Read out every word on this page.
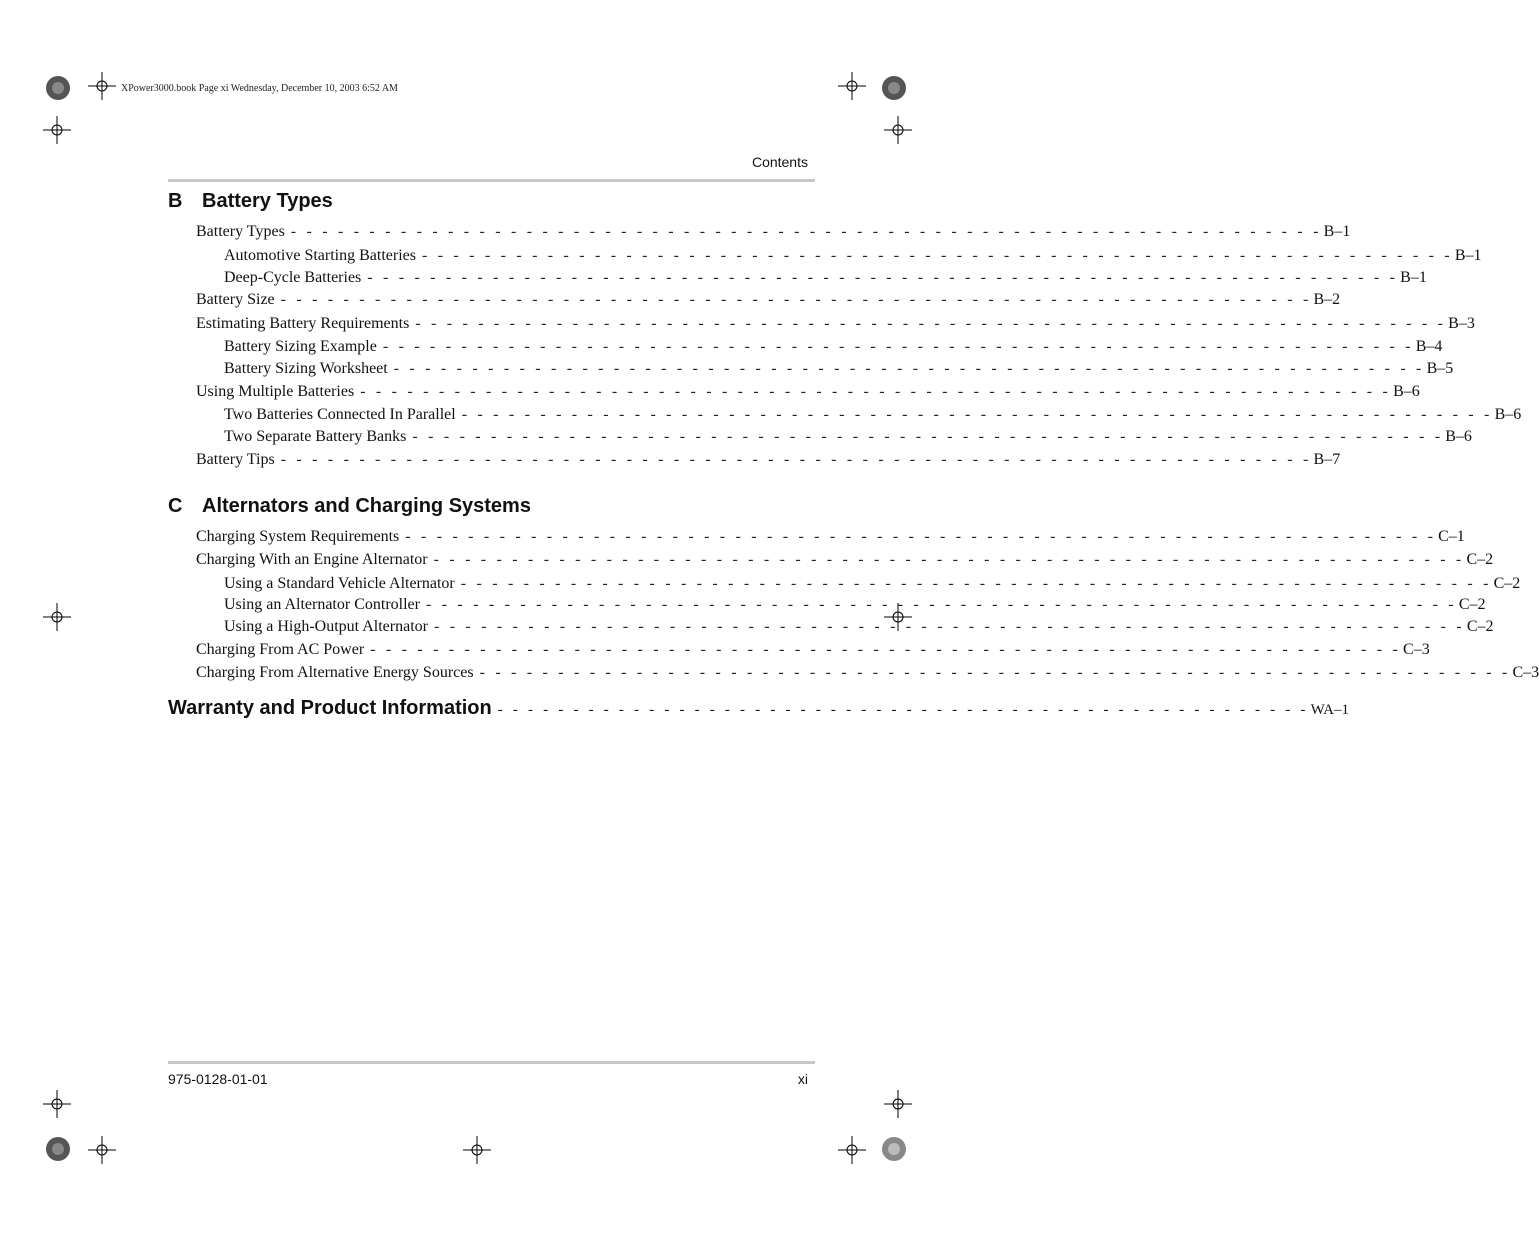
XPower3000.book Page xi Wednesday, December 10, 2003 6:52 AM
Contents
B Battery Types
Battery Types - - - - - - - - - - - - - - - - - - - - - - - - - - - - - - - - - - - - - - - - - - - - - - - - - - - - - - - - - - - - - - - - - - B–1
Automotive Starting Batteries - - - - - - - - - - - - - - - - - - - - - - - - - - - - - - - - - - - - - - - - - - - - - - - - - - - - - - - - - - - - - - - - - - B–1
Deep-Cycle Batteries - - - - - - - - - - - - - - - - - - - - - - - - - - - - - - - - - - - - - - - - - - - - - - - - - - - - - - - - - - - - - - - - - - B–1
Battery Size - - - - - - - - - - - - - - - - - - - - - - - - - - - - - - - - - - - - - - - - - - - - - - - - - - - - - - - - - - - - - - - - - - B–2
Estimating Battery Requirements - - - - - - - - - - - - - - - - - - - - - - - - - - - - - - - - - - - - - - - - - - - - - - - - - - - - - - - - - - - - - - - - - - B–3
Battery Sizing Example - - - - - - - - - - - - - - - - - - - - - - - - - - - - - - - - - - - - - - - - - - - - - - - - - - - - - - - - - - - - - - - - - - B–4
Battery Sizing Worksheet - - - - - - - - - - - - - - - - - - - - - - - - - - - - - - - - - - - - - - - - - - - - - - - - - - - - - - - - - - - - - - - - - - B–5
Using Multiple Batteries - - - - - - - - - - - - - - - - - - - - - - - - - - - - - - - - - - - - - - - - - - - - - - - - - - - - - - - - - - - - - - - - - - B–6
Two Batteries Connected In Parallel - - - - - - - - - - - - - - - - - - - - - - - - - - - - - - - - - - - - - - - - - - - - - - - - - - - - - - - - - - - - - - - - - - B–6
Two Separate Battery Banks - - - - - - - - - - - - - - - - - - - - - - - - - - - - - - - - - - - - - - - - - - - - - - - - - - - - - - - - - - - - - - - - - - B–6
Battery Tips - - - - - - - - - - - - - - - - - - - - - - - - - - - - - - - - - - - - - - - - - - - - - - - - - - - - - - - - - - - - - - - - - - B–7
C Alternators and Charging Systems
Charging System Requirements - - - - - - - - - - - - - - - - - - - - - - - - - - - - - - - - - - - - - - - - - - - - - - - - - - - - - - - - - - - - - - - - - - C–1
Charging With an Engine Alternator - - - - - - - - - - - - - - - - - - - - - - - - - - - - - - - - - - - - - - - - - - - - - - - - - - - - - - - - - - - - - - - - - - C–2
Using a Standard Vehicle Alternator - - - - - - - - - - - - - - - - - - - - - - - - - - - - - - - - - - - - - - - - - - - - - - - - - - - - - - - - - - - - - - - - - - C–2
Using an Alternator Controller - - - - - - - - - - - - - - - - - - - - - - - - - - - - - - - - - - - - - - - - - - - - - - - - - - - - - - - - - - - - - - - - - - C–2
Using a High-Output Alternator - - - - - - - - - - - - - - - - - - - - - - - - - - - - - - - - - - - - - - - - - - - - - - - - - - - - - - - - - - - - - - - - - - C–2
Charging From AC Power - - - - - - - - - - - - - - - - - - - - - - - - - - - - - - - - - - - - - - - - - - - - - - - - - - - - - - - - - - - - - - - - - - C–3
Charging From Alternative Energy Sources - - - - - - - - - - - - - - - - - - - - - - - - - - - - - - - - - - - - - - - - - - - - - - - - - - - - - - - - - - - - - - - - - - C–3
Warranty and Product Information - - - - - - - - - - - - - - - - - - - - - - - - - - - - - - - - - - - - - - - - - - - - - - - - - - - - - - WA–1
975-0128-01-01	xi
